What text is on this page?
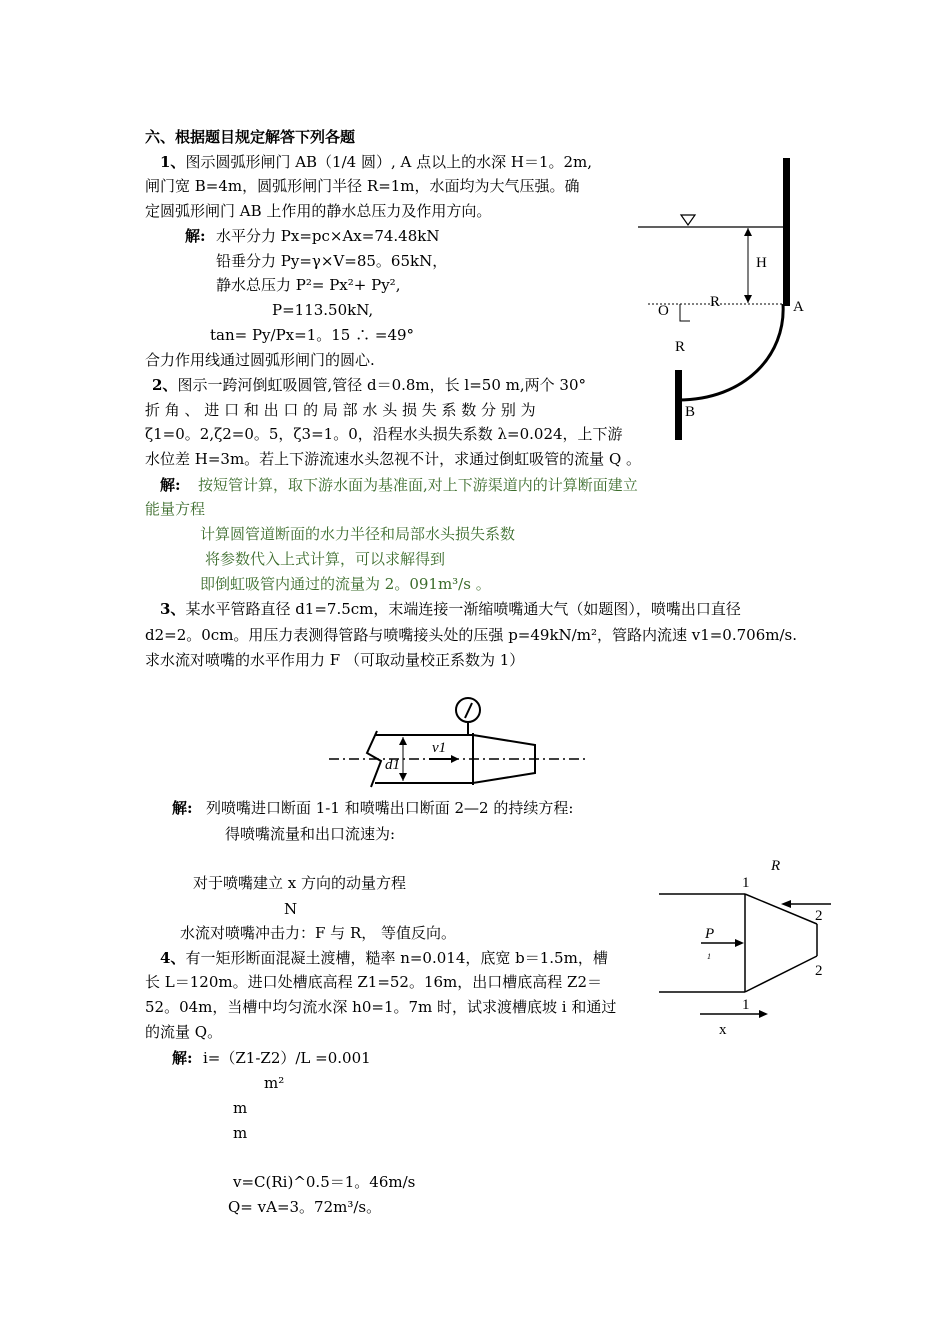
六、根据题目规定解答下列各题
1、图示圆弧形闸门 AB（1/4 圆）, A 点以上的水深 H＝1。2m,
闸门宽 B=4m，圆弧形闸门半径 R=1m，水面均为大气压强。确
定圆弧形闸门 AB 上作用的静水总压力及作用方向。
解: 水平分力 Px=pc×Ax=74.48kN
铅垂分力 Py=γ×V=85。65kN，
静水总压力 P²= Px²+ Py²,
P=113.50kN,
tan= Py/Px=1。15 ∴ =49°
合力作用线通过圆弧形闸门的圆心.
2、图示一跨河倒虹吸圆管,管径 d＝0.8m，长 l=50 m,两个 30°
折 角 、 进 口 和 出 口 的 局 部 水 头 损 失 系 数 分 别 为
ζ1=0。2,ζ2=0。5，ζ3=1。0，沿程水头损失系数 λ=0.024，上下游
水位差 H=3m。若上下游流速水头忽视不计，求通过倒虹吸管的流量 Q 。
解: 按短管计算，取下游水面为基准面,对上下游渠道内的计算断面建立
能量方程
计算圆管道断面的水力半径和局部水头损失系数
将参数代入上式计算，可以求解得到
即倒虹吸管内通过的流量为 2。091m³/s 。
3、某水平管路直径 d1=7.5cm，末端连接一渐缩喷嘴通大气（如题图），喷嘴出口直径
d2=2。0cm。用压力表测得管路与喷嘴接头处的压强 p=49kN/m²，管路内流速 v1=0.706m/s.
求水流对喷嘴的水平作用力 F （可取动量校正系数为 1）
解: 列喷嘴进口断面 1-1 和喷嘴出口断面 2—2 的持续方程:
得喷嘴流量和出口流速为:
对于喷嘴建立 x 方向的动量方程
N
水流对喷嘴冲击力：F 与 R， 等值反向。
4、有一矩形断面混凝土渡槽，糙率 n=0.014，底宽 b＝1.5m，槽
长 L＝120m。进口处槽底高程 Z1=52。16m，出口槽底高程 Z2＝
52。04m，当槽中均匀流水深 h0=1。7m 时，试求渡槽底坡 i 和通过
的流量 Q。
解: i=（Z1-Z2）/L =0.001
m²
m
m
v=C(Ri)^0.5＝1。46m/s
Q= vA=3。72m³/s。
H
R
O
R
A
B
d1
v1
R
1
2
2
P
1
1
x
